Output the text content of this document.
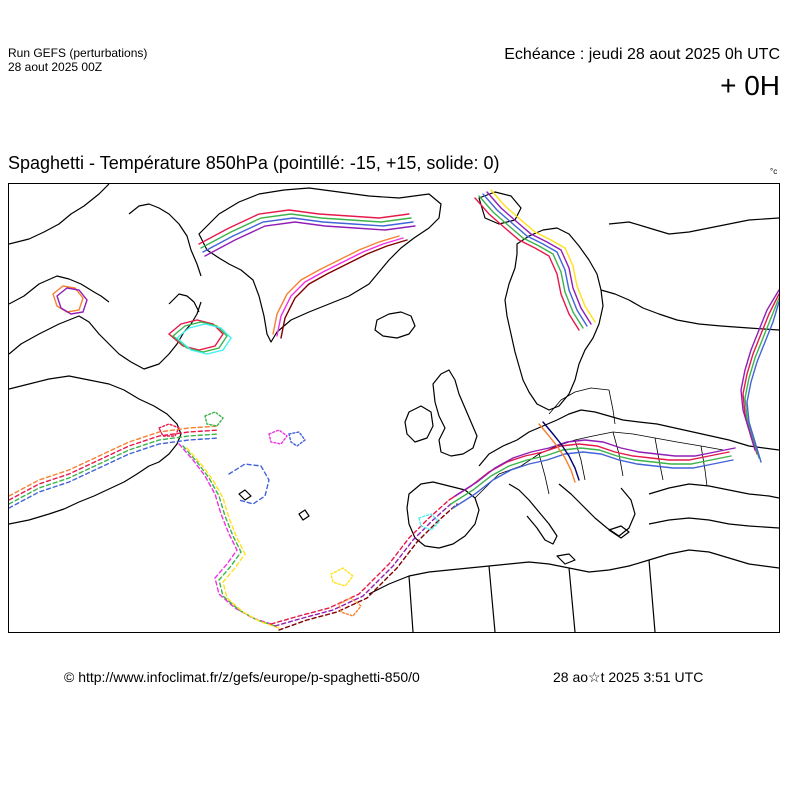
Run GEFS (perturbations)
28 aout 2025 00Z
Echéance : jeudi 28 aout 2025 0h UTC
+ 0H
Spaghetti - Température 850hPa (pointillé: -15, +15, solide: 0)	°c
© http://www.infoclimat.fr/z/gefs/europe/p-spaghetti-850/0	28 ao☆t 2025 3:51 UTC
